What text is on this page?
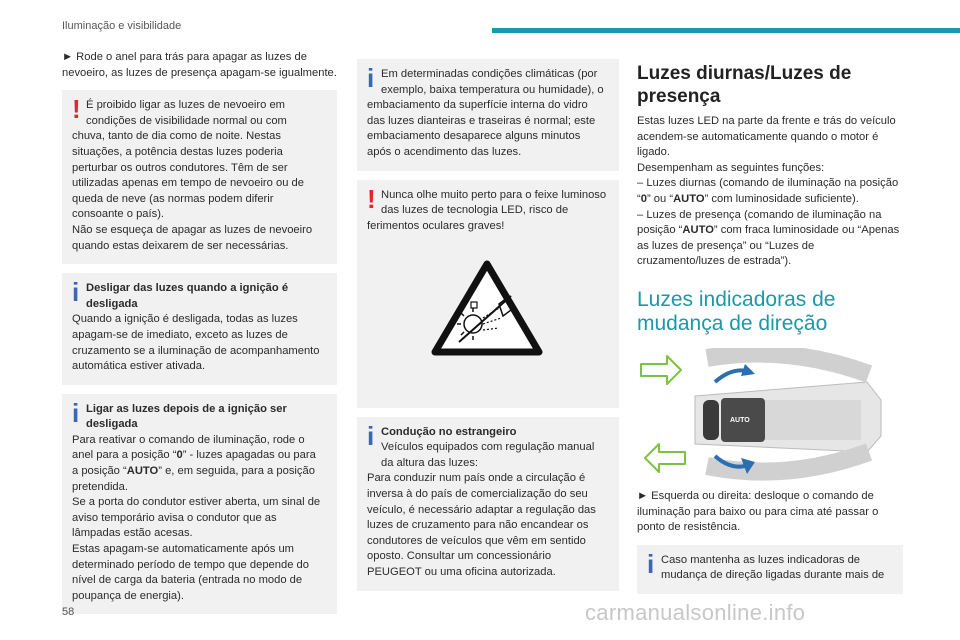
Iluminação e visibilidade

► Rode o anel para trás para apagar as luzes de nevoeiro, as luzes de presença apagam-se igualmente.

! É proibido ligar as luzes de nevoeiro em condições de visibilidade normal ou com

chuva, tanto de dia como de noite. Nestas situações, a potência destas luzes poderia perturbar os outros condutores. Têm de ser utilizadas apenas em tempo de nevoeiro ou de queda de neve (as normas podem diferir consoante o país).

Não se esqueça de apagar as luzes de nevoeiro quando estas deixarem de ser necessárias.

i Desligar das luzes quando a ignição é desligada

Quando a ignição é desligada, todas as luzes apagam-se de imediato, exceto as luzes de cruzamento se a iluminação de acompanhamento automática estiver ativada.

i Ligar as luzes depois de a ignição ser desligada

Para reativar o comando de iluminação, rode o anel para a posição “0” - luzes apagadas ou para a posição “AUTO” e, em seguida, para a posição pretendida.

Se a porta do condutor estiver aberta, um sinal de aviso temporário avisa o condutor que as lâmpadas estão acesas.

Estas apagam-se automaticamente após um determinado período de tempo que depende do nível de carga da bateria (entrada no modo de poupança de energia).

i Em determinadas condições climáticas (por exemplo, baixa temperatura ou humidade), o

embaciamento da superfície interna do vidro das luzes dianteiras e traseiras é normal; este embaciamento desaparece alguns minutos após o acendimento das luzes.

! Nunca olhe muito perto para o feixe luminoso das luzes de tecnologia LED, risco de

ferimentos oculares graves!

i Condução no estrangeiro

Veículos equipados com regulação manual da altura das luzes:

Para conduzir num país onde a circulação é inversa à do país de comercialização do seu veículo, é necessário adaptar a regulação das luzes de cruzamento para não encandear os condutores de veículos que vêm em sentido oposto. Consultar um concessionário PEUGEOT ou uma oficina autorizada.

Luzes diurnas/Luzes de presença

Estas luzes LED na parte da frente e trás do veículo acendem-se automaticamente quando o motor é ligado.

Desempenham as seguintes funções:

– Luzes diurnas (comando de iluminação na posição “0” ou “AUTO” com luminosidade suficiente).

– Luzes de presença (comando de iluminação na posição “AUTO” com fraca luminosidade ou “Apenas as luzes de presença” ou “Luzes de cruzamento/luzes de estrada”).

Luzes indicadoras de mudança de direção
AUTO

► Esquerda ou direita: desloque o comando de iluminação para baixo ou para cima até passar o ponto de resistência.

i Caso mantenha as luzes indicadoras de mudança de direção ligadas durante mais de

58	carmanualsonline.info
